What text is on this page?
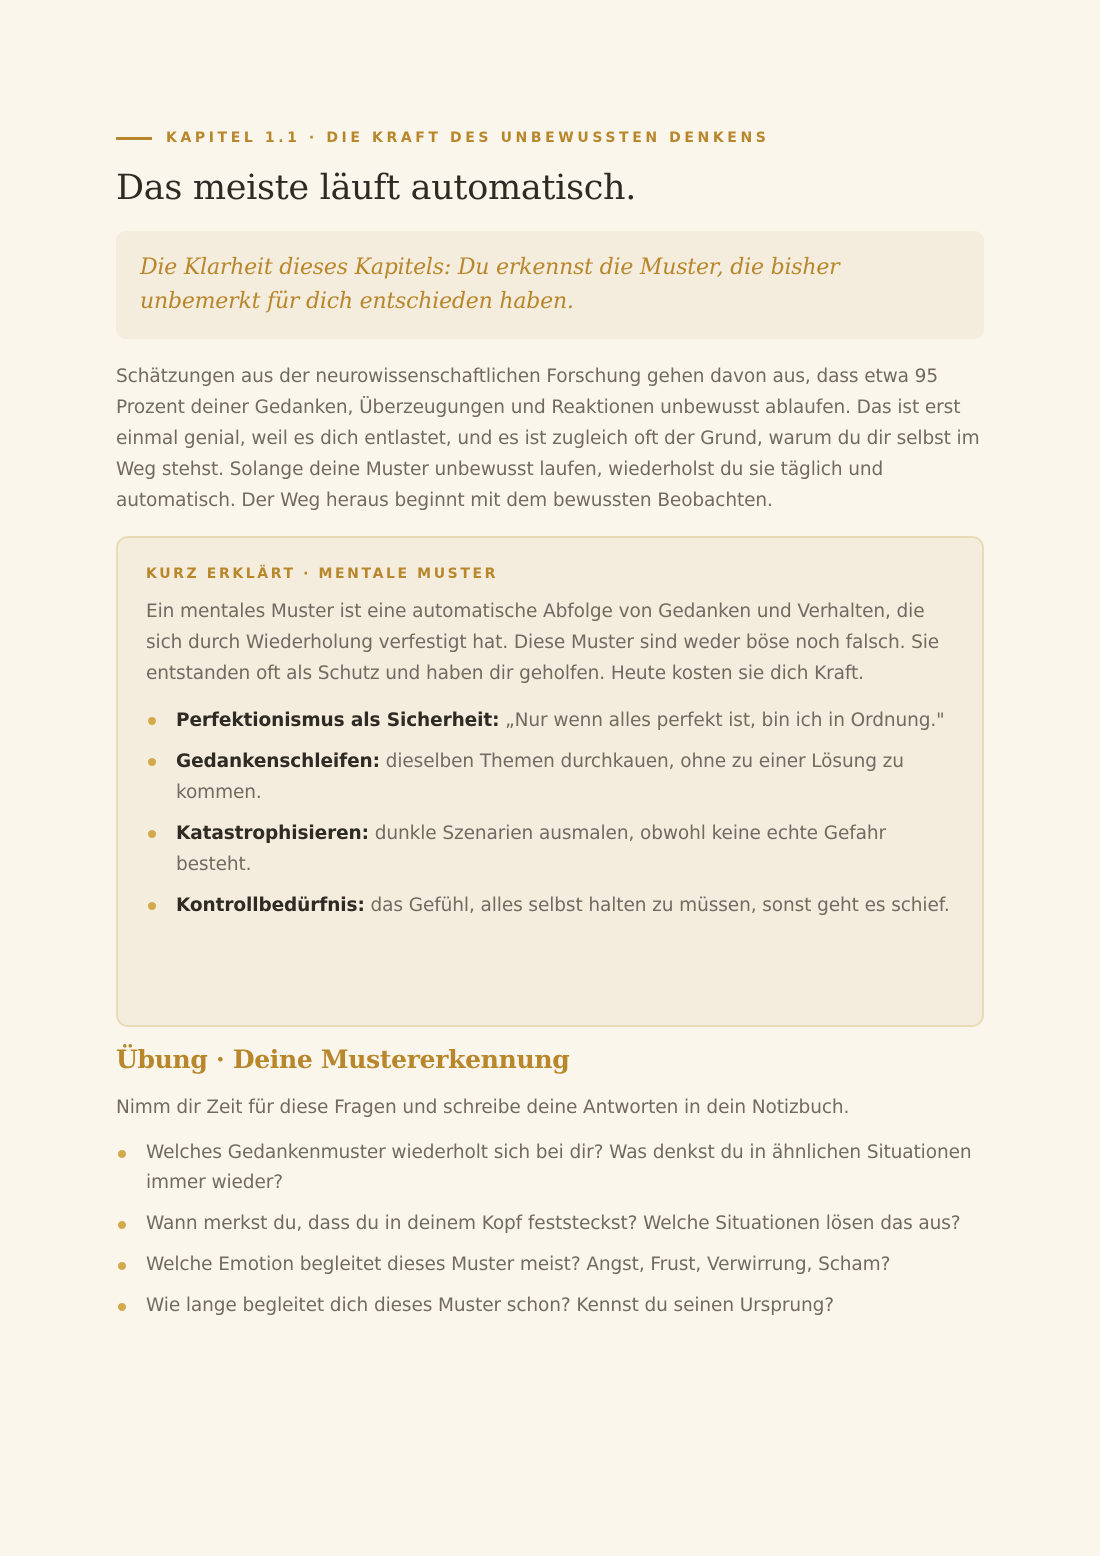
KAPITEL 1.1 · DIE KRAFT DES UNBEWUSSTEN DENKENS
Das meiste läuft automatisch.
Die Klarheit dieses Kapitels: Du erkennst die Muster, die bisher unbemerkt für dich entschieden haben.

Schätzungen aus der neurowissenschaftlichen Forschung gehen davon aus, dass etwa 95 Prozent deiner Gedanken, Überzeugungen und Reaktionen unbewusst ablaufen. Das ist erst einmal genial, weil es dich entlastet, und es ist zugleich oft der Grund, warum du dir selbst im Weg stehst. Solange deine Muster unbewusst laufen, wiederholst du sie täglich und automatisch. Der Weg heraus beginnt mit dem bewussten Beobachten.

KURZ ERKLÄRT · MENTALE MUSTER
Ein mentales Muster ist eine automatische Abfolge von Gedanken und Verhalten, die sich durch Wiederholung verfestigt hat. Diese Muster sind weder böse noch falsch. Sie entstanden oft als Schutz und haben dir geholfen. Heute kosten sie dich Kraft.
Perfektionismus als Sicherheit: „Nur wenn alles perfekt ist, bin ich in Ordnung."
Gedankenschleifen: dieselben Themen durchkauen, ohne zu einer Lösung zu kommen.
Katastrophisieren: dunkle Szenarien ausmalen, obwohl keine echte Gefahr besteht.
Kontrollbedürfnis: das Gefühl, alles selbst halten zu müssen, sonst geht es schief.
Übung · Deine Mustererkennung

Nimm dir Zeit für diese Fragen und schreibe deine Antworten in dein Notizbuch.

Welches Gedankenmuster wiederholt sich bei dir? Was denkst du in ähnlichen Situationen immer wieder?
Wann merkst du, dass du in deinem Kopf feststeckst? Welche Situationen lösen das aus?
Welche Emotion begleitet dieses Muster meist? Angst, Frust, Verwirrung, Scham?
Wie lange begleitet dich dieses Muster schon? Kennst du seinen Ursprung?
